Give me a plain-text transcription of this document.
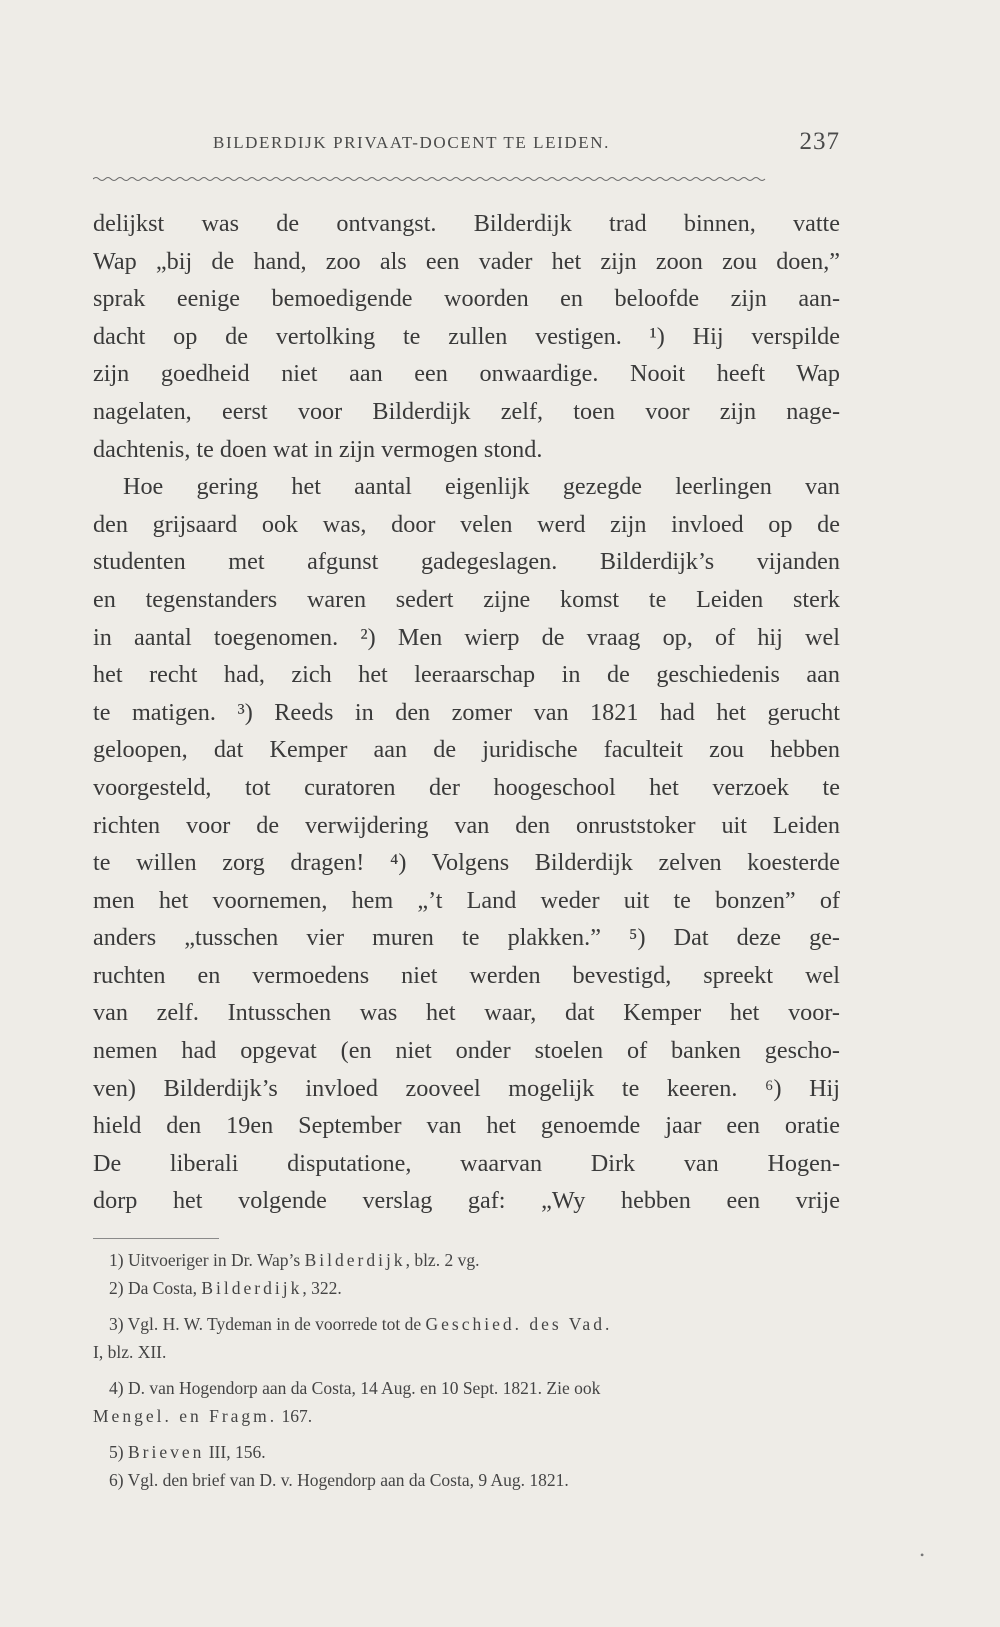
BILDERDIJK PRIVAAT-DOCENT TE LEIDEN.	237
delijkst was de ontvangst. Bilderdijk trad binnen, vatte
Wap „bij de hand, zoo als een vader het zijn zoon zou doen,”
sprak eenige bemoedigende woorden en beloofde zijn aan-
dacht op de vertolking te zullen vestigen. ¹) Hij verspilde
zijn goedheid niet aan een onwaardige. Nooit heeft Wap
nagelaten, eerst voor Bilderdijk zelf, toen voor zijn nage-
dachtenis, te doen wat in zijn vermogen stond.
Hoe gering het aantal eigenlijk gezegde leerlingen van
den grijsaard ook was, door velen werd zijn invloed op de
studenten met afgunst gadegeslagen. Bilderdijk’s vijanden
en tegenstanders waren sedert zijne komst te Leiden sterk
in aantal toegenomen. ²) Men wierp de vraag op, of hij wel
het recht had, zich het leeraarschap in de geschiedenis aan
te matigen. ³) Reeds in den zomer van 1821 had het gerucht
geloopen, dat Kemper aan de juridische faculteit zou hebben
voorgesteld, tot curatoren der hoogeschool het verzoek te
richten voor de verwijdering van den onruststoker uit Leiden
te willen zorg dragen! ⁴) Volgens Bilderdijk zelven koesterde
men het voornemen, hem „’t Land weder uit te bonzen” of
anders „tusschen vier muren te plakken.” ⁵) Dat deze ge-
ruchten en vermoedens niet werden bevestigd, spreekt wel
van zelf. Intusschen was het waar, dat Kemper het voor-
nemen had opgevat (en niet onder stoelen of banken gescho-
ven) Bilderdijk’s invloed zooveel mogelijk te keeren. ⁶) Hij
hield den 19en September van het genoemde jaar een oratie
De liberali disputatione, waarvan Dirk van Hogen-
dorp het volgende verslag gaf: „Wy hebben een vrije
1) Uitvoeriger in Dr. Wap’s Bilderdijk, blz. 2 vg.
2) Da Costa, Bilderdijk, 322.
3) Vgl. H. W. Tydeman in de voorrede tot de Geschied. des Vad.
I, blz. XII.
4) D. van Hogendorp aan da Costa, 14 Aug. en 10 Sept. 1821. Zie ook
Mengel. en Fragm. 167.
5) Brieven III, 156.
6) Vgl. den brief van D. v. Hogendorp aan da Costa, 9 Aug. 1821.
•
